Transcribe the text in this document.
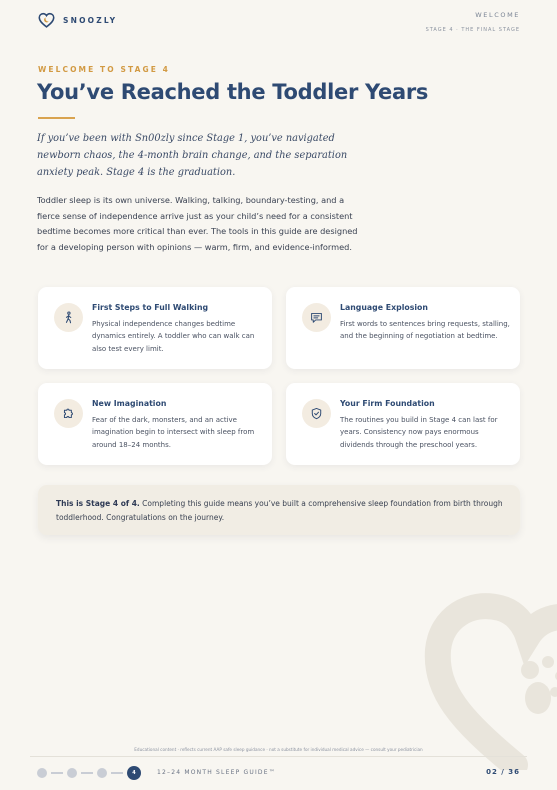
SNOOZLY
WELCOME
STAGE 4 · THE FINAL STAGE
WELCOME TO STAGE 4
You’ve Reached the Toddler Years

If you’ve been with Sn00zly since Stage 1, you’ve navigated newborn chaos, the 4-month brain change, and the separation anxiety peak. Stage 4 is the graduation.

Toddler sleep is its own universe. Walking, talking, boundary-testing, and a fierce sense of independence arrive just as your child’s need for a consistent bedtime becomes more critical than ever. The tools in this guide are designed for a developing person with opinions — warm, firm, and evidence-informed.

First Steps to Full Walking
Physical independence changes bedtime dynamics entirely. A toddler who can walk can also test every limit.
Language Explosion
First words to sentences bring requests, stalling, and the beginning of negotiation at bedtime.
New Imagination
Fear of the dark, monsters, and an active imagination begin to intersect with sleep from around 18–24 months.
Your Firm Foundation
The routines you build in Stage 4 can last for years. Consistency now pays enormous dividends through the preschool years.

This is Stage 4 of 4. Completing this guide means you’ve built a comprehensive sleep foundation from birth through toddlerhood. Congratulations on the journey.

Educational content · reflects current AAP safe sleep guidance · not a substitute for individual medical advice — consult your pediatrician
4	12–24 MONTH SLEEP GUIDE™	02 / 36
